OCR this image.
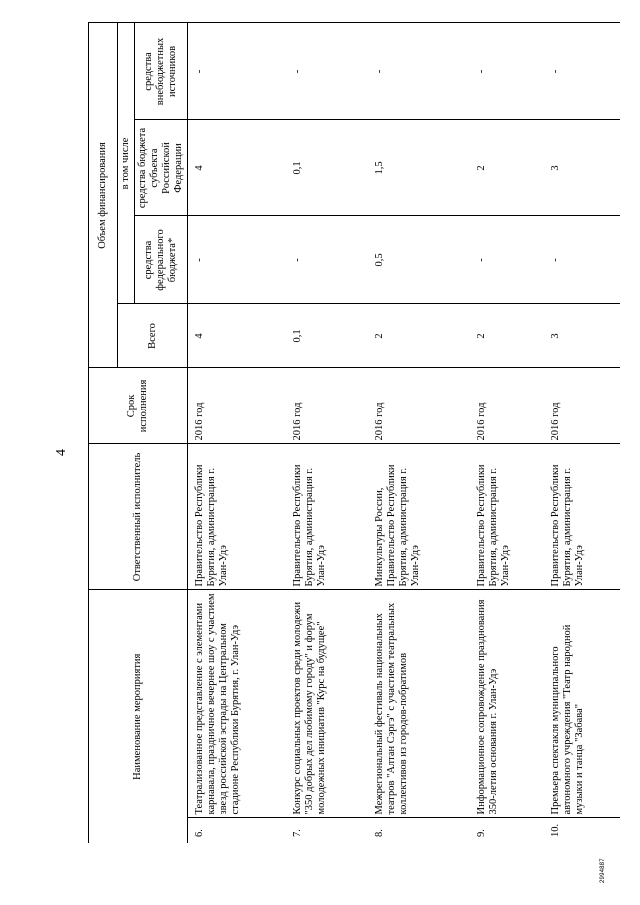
4
Наименование мероприятия		Ответственный исполнитель	Срок исполнения	Объем финансирования			
				Всего	в том числе		
					средства федерального бюджета*	средства бюджета субъекта Российской Федерации	средства внебюджетных источников
6.	Театрализованное представление с элементами карнавала, праздничное вечернее шоу с участием звезд российской эстрады на Центральном стадионе Республики Бурятия, г. Улан-Удэ	Правительство Республики Бурятия, администрация г. Улан-Удэ	2016 год	4	-	4	-
7.	Конкурс социальных проектов среди молодежи "350 добрых дел любимому городу" и форум молодежных инициатив "Курс на будущее"	Правительство Республики Бурятия, администрация г. Улан-Удэ	2016 год	0,1	-	0,1	-
8.	Межрегиональный фестиваль национальных театров "Алтан Сэргэ" с участием театральных коллективов из городов-побратимов	Минкультуры России, Правительство Республики Бурятия, администрация г. Улан-Удэ	2016 год	2	0,5	1,5	-
9.	Информационное сопровождение празднования 350-летия основания г. Улан-Удэ	Правительство Республики Бурятия, администрация г. Улан-Удэ	2016 год	2	-	2	-
10.	Премьера спектакля муниципального автономного учреждения "Театр народной музыки и танца "Забава"	Правительство Республики Бурятия, администрация г. Улан-Удэ	2016 год	3	-	3	-
2994887
